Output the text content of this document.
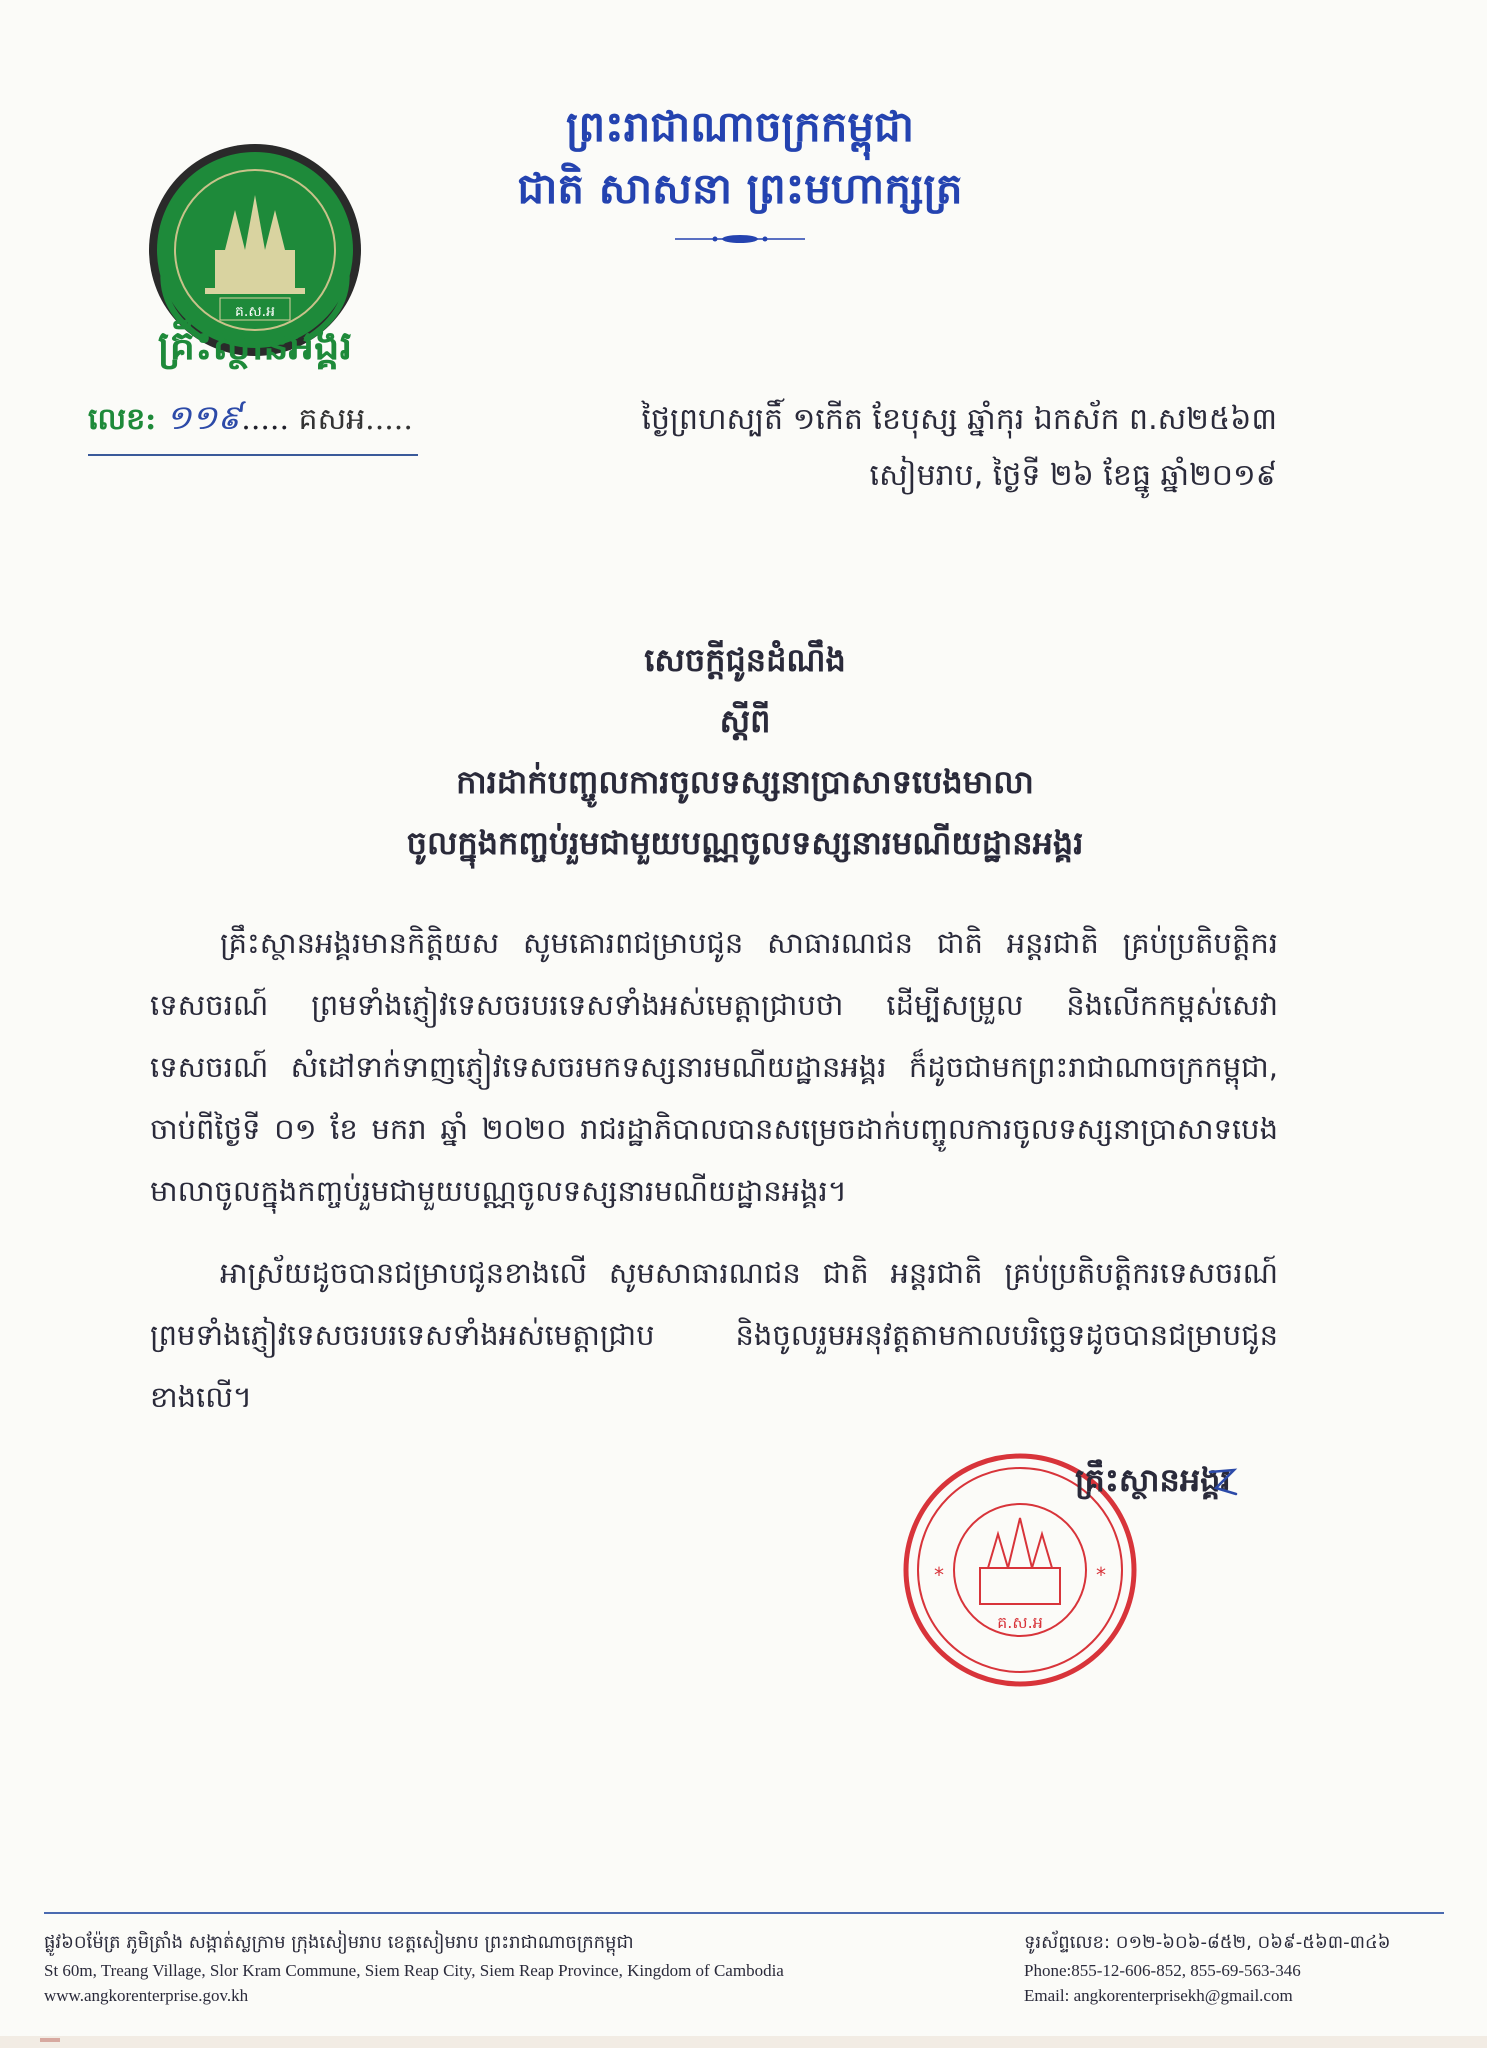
គ.ស.អ
គ្រឹះស្ថានអង្គរ
លេខ: ១១៩..... គសអ.....
ព្រះរាជាណាចក្រកម្ពុជា
ជាតិ សាសនា ព្រះមហាក្សត្រ
ថ្ងៃព្រហស្បតិ៍ ១កើត ខែបុស្ស ឆ្នាំកុរ ឯកស័ក ព.ស២៥៦៣
សៀមរាប, ថ្ងៃទី ២៦ ខែធ្នូ ឆ្នាំ២០១៩
សេចក្តីជូនដំណឹង
ស្តីពី
ការដាក់បញ្ចូលការចូលទស្សនាប្រាសាទបេងមាលា
ចូលក្នុងកញ្ចប់រួមជាមួយបណ្ណចូលទស្សនារមណីយដ្ឋានអង្គរ

គ្រឹះស្ថានអង្គរមានកិត្តិយស សូមគោរពជម្រាបជូន សាធារណជន ជាតិ អន្តរជាតិ គ្រប់ប្រតិបត្តិករទេសចរណ៍ ព្រមទាំងភ្ញៀវទេសចរបរទេសទាំងអស់មេត្តាជ្រាបថា ដើម្បីសម្រួល និងលើកកម្ពស់សេវាទេសចរណ៍ សំដៅទាក់ទាញភ្ញៀវទេសចរមកទស្សនារមណីយដ្ឋានអង្គរ ក៏ដូចជាមកព្រះរាជាណាចក្រកម្ពុជា, ចាប់ពីថ្ងៃទី ០១ ខែ មករា ឆ្នាំ ២០២០ រាជរដ្ឋាភិបាលបានសម្រេចដាក់បញ្ចូលការចូលទស្សនាប្រាសាទបេងមាលាចូលក្នុងកញ្ចប់រួមជាមួយបណ្ណចូលទស្សនារមណីយដ្ឋានអង្គរ។

អាស្រ័យដូចបានជម្រាបជូនខាងលើ សូមសាធារណជន ជាតិ អន្តរជាតិ គ្រប់ប្រតិបត្តិករទេសចរណ៍ ព្រមទាំងភ្ញៀវទេសចរបរទេសទាំងអស់មេត្តាជ្រាប និងចូលរួមអនុវត្តតាមកាលបរិច្ឆេទដូចបានជម្រាបជូនខាងលើ។

គ.ស.អ
*	*
គ្រឹះស្ថានអង្គរ
ផ្លូវ៦០ម៉ែត្រ ភូមិត្រាំង សង្កាត់ស្លក្រាម ក្រុងសៀមរាប ខេត្តសៀមរាប ព្រះរាជាណាចក្រកម្ពុជា
St 60m, Treang Village, Slor Kram Commune, Siem Reap City, Siem Reap Province, Kingdom of Cambodia
www.angkorenterprise.gov.kh
ទូរស័ព្ទលេខ: ០១២-៦០៦-៨៥២, ០៦៩-៥៦៣-៣៤៦
Phone:855-12-606-852, 855-69-563-346
Email: angkorenterprisekh@gmail.com
